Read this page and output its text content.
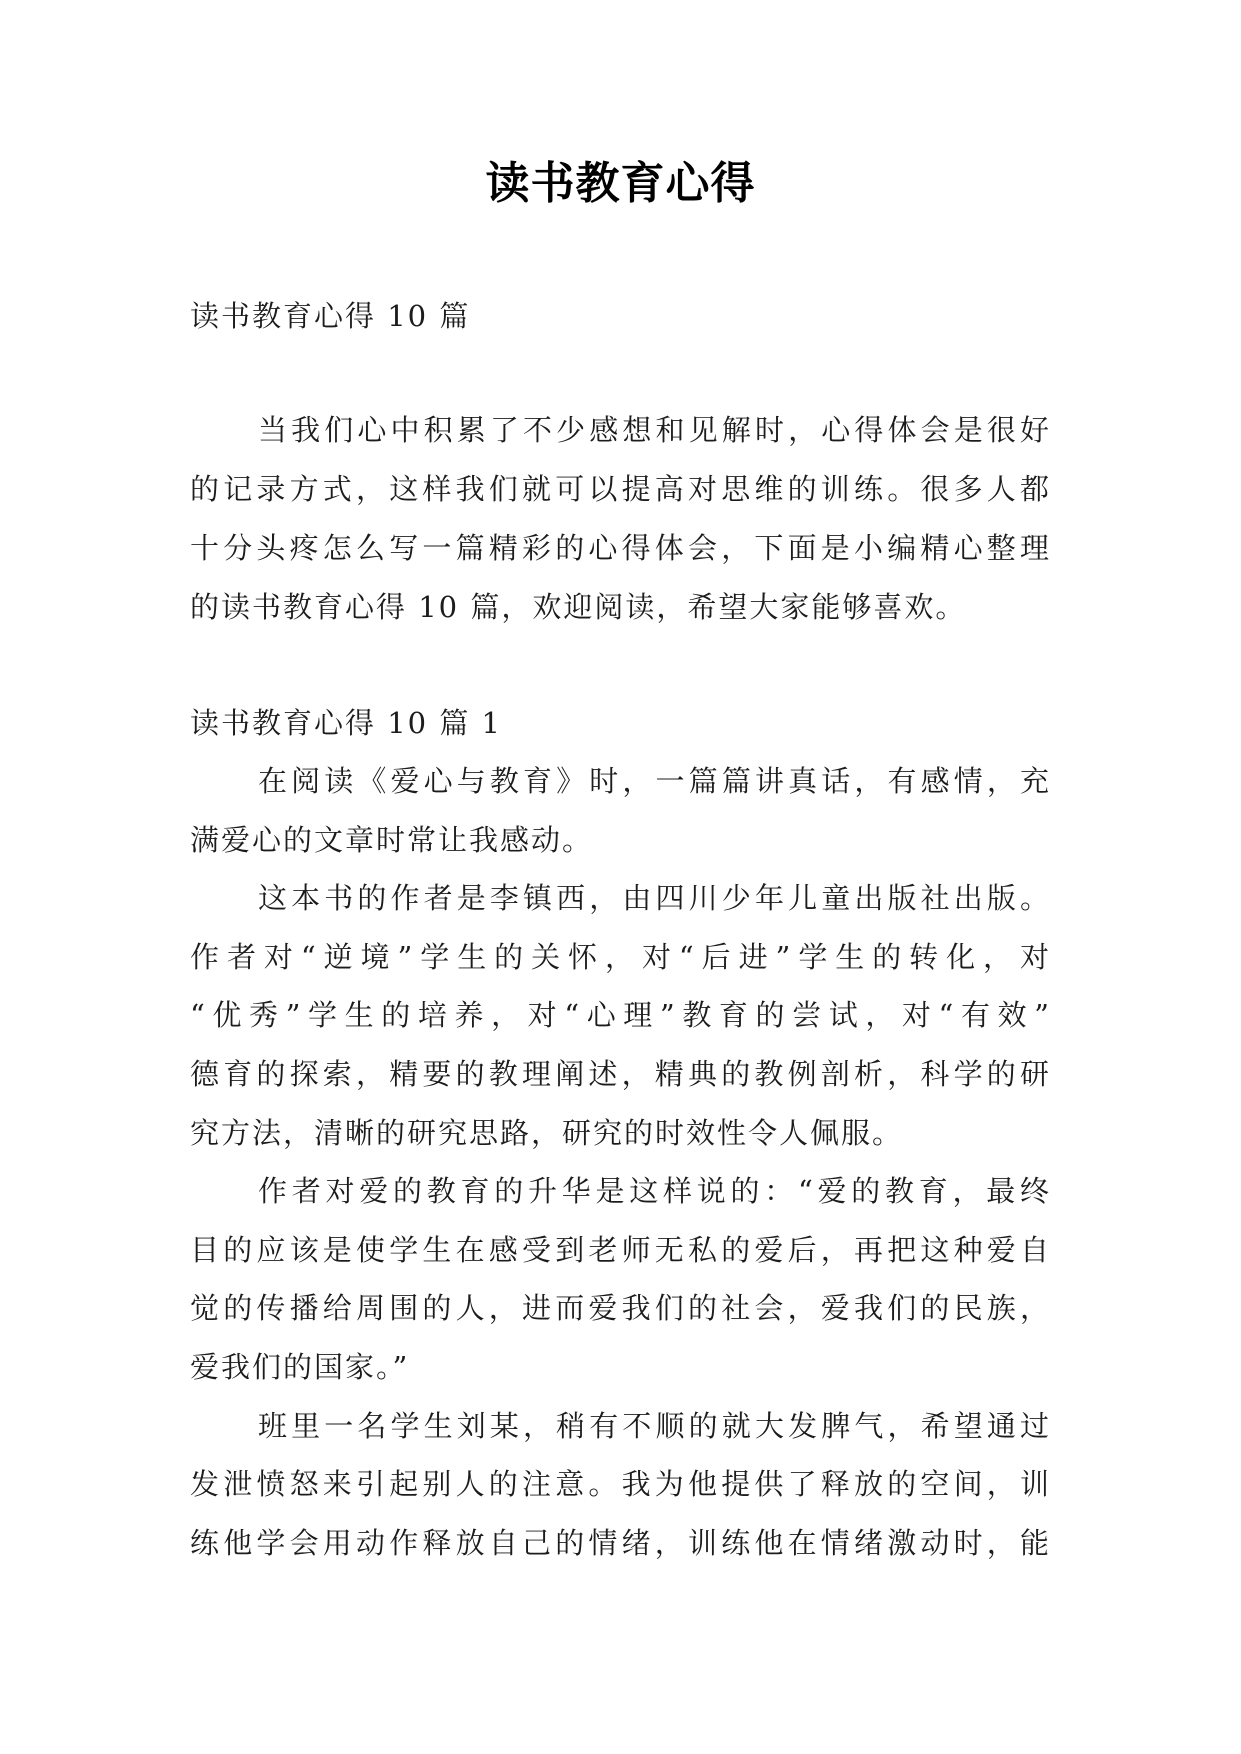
读书教育心得
读书教育心得 10 篇
当我们心中积累了不少感想和见解时，心得体会是很好
的记录方式，这样我们就可以提高对思维的训练。很多人都
十分头疼怎么写一篇精彩的心得体会，下面是小编精心整理
的读书教育心得 10 篇，欢迎阅读，希望大家能够喜欢。
读书教育心得 10 篇 1
在阅读《爱心与教育》时，一篇篇讲真话，有感情，充
满爱心的文章时常让我感动。
这本书的作者是李镇西，由四川少年儿童出版社出版。
作者对“逆境”学生的关怀，对“后进”学生的转化，对
“优秀”学生的培养，对“心理”教育的尝试，对“有效”
德育的探索，精要的教理阐述，精典的教例剖析，科学的研
究方法，清晰的研究思路，研究的时效性令人佩服。
作者对爱的教育的升华是这样说的：“爱的教育，最终
目的应该是使学生在感受到老师无私的爱后，再把这种爱自
觉的传播给周围的人，进而爱我们的社会，爱我们的民族，
爱我们的国家。”
班里一名学生刘某，稍有不顺的就大发脾气，希望通过
发泄愤怒来引起别人的注意。我为他提供了释放的空间，训
练他学会用动作释放自己的情绪，训练他在情绪激动时，能
